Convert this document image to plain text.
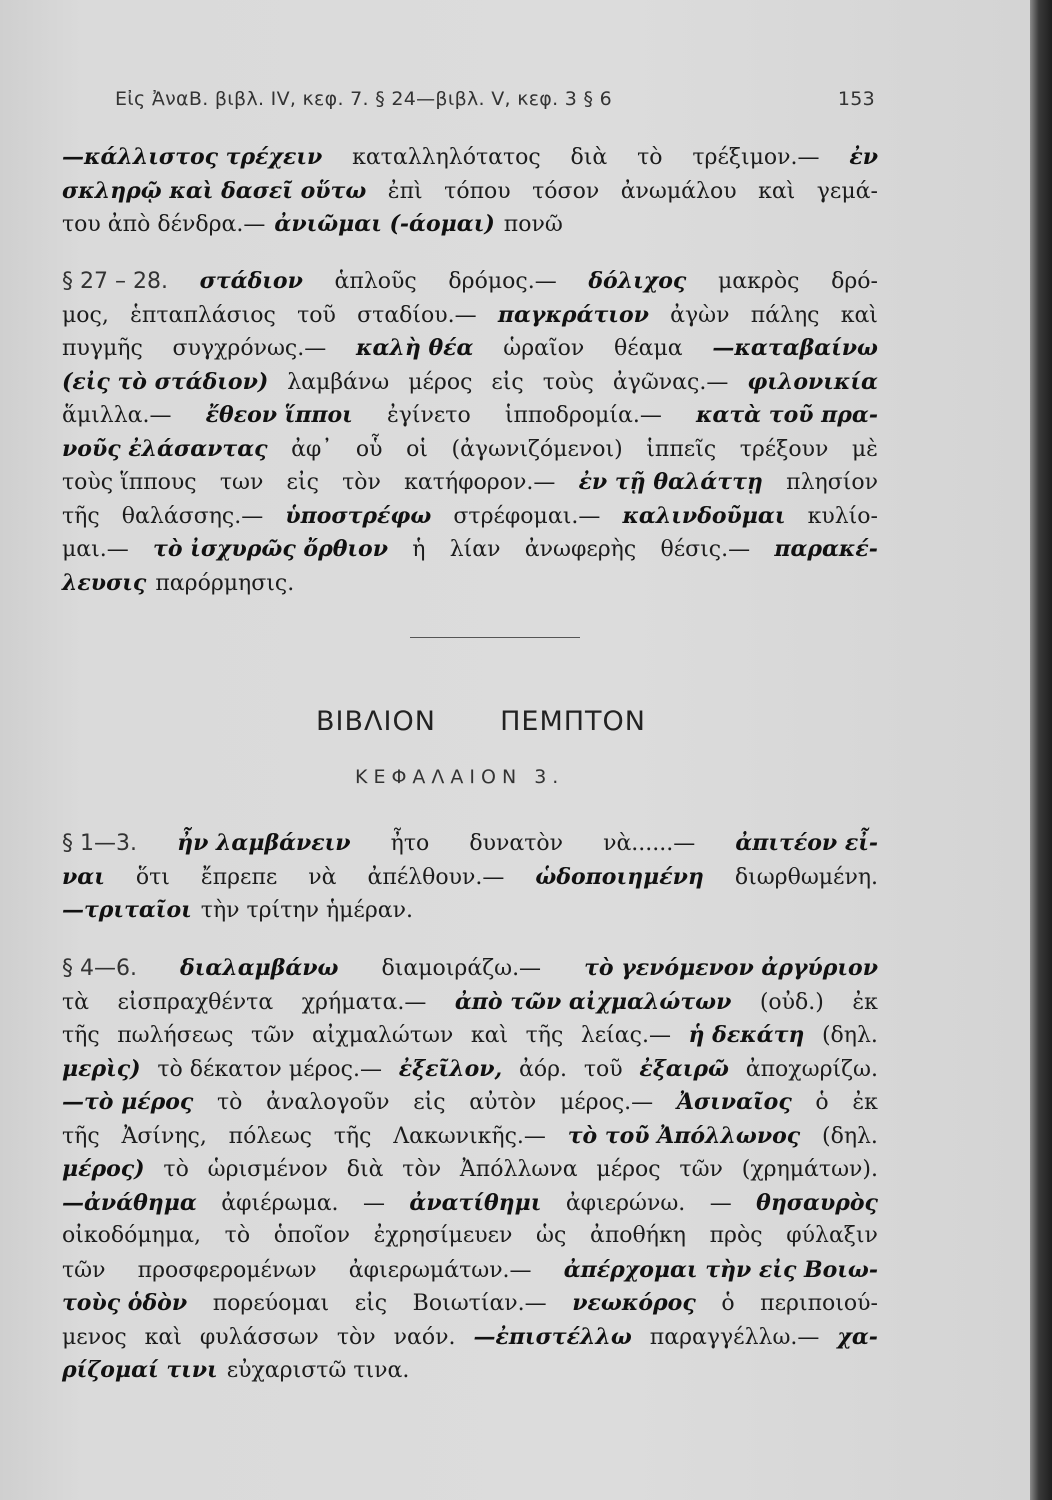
Εἰς ἈναΒ. βιβλ. IV, κεφ. 7. § 24—βιβλ. V, κεφ. 3 § 6	153
—κάλλιστος τρέχειν καταλληλότατος διὰ τὸ τρέξιμον.— ἐν
σκληρῷ καὶ δασεῖ οὕτω ἐπὶ τόπου τόσον ἀνωμάλου καὶ γεμά-
του ἀπὸ δένδρα.— ἀνιῶμαι (-άομαι) πονῶ
§ 27 – 28. στάδιον ἁπλοῦς δρόμος.— δόλιχος μακρὸς δρό-
μος, ἑπταπλάσιος τοῦ σταδίου.— παγκράτιον ἀγὼν πάλης καὶ
πυγμῆς συγχρόνως.— καλὴ θέα ὡραῖον θέαμα —καταβαίνω
(εἰς τὸ στάδιον) λαμβάνω μέρος εἰς τοὺς ἀγῶνας.— φιλονικία
ἅμιλλα.— ἔθεον ἵπποι ἐγίνετο ἱπποδρομία.— κατὰ τοῦ πρα-
νοῦς ἐλάσαντας ἀφ᾽ οὗ οἱ (ἀγωνιζόμενοι) ἱππεῖς τρέξουν μὲ
τοὺς ἵππους των εἰς τὸν κατήφορον.— ἐν τῇ θαλάττῃ πλησίον
τῆς θαλάσσης.— ὑποστρέφω στρέφομαι.— καλινδοῦμαι κυλίο-
μαι.— τὸ ἰσχυρῶς ὄρθιον ἡ λίαν ἀνωφερὴς θέσις.— παρακέ-
λευσις παρόρμησις.
ΒΙΒΛΙΟΝ ΠΕΜΠΤΟΝ
ΚΕΦΑΛΑΙΟΝ 3.
§ 1—3. ἦν λαμβάνειν ἦτο δυνατὸν νὰ......— ἀπιτέον εἶ-
ναι ὅτι ἔπρεπε νὰ ἀπέλθουν.— ὡδοποιημένη διωρθωμένη.
—τριταῖοι τὴν τρίτην ἡμέραν.
§ 4—6. διαλαμβάνω διαμοιράζω.— τὸ γενόμενον ἀργύριον
τὰ εἰσπραχθέντα χρήματα.— ἀπὸ τῶν αἰχμαλώτων (οὐδ.) ἐκ
τῆς πωλήσεως τῶν αἰχμαλώτων καὶ τῆς λείας.— ἡ δεκάτη (δηλ.
μερὶς) τὸ δέκατον μέρος.— ἐξεῖλον, ἀόρ. τοῦ ἐξαιρῶ ἀποχωρίζω.
—τὸ μέρος τὸ ἀναλογοῦν εἰς αὐτὸν μέρος.— Ἀσιναῖος ὁ ἐκ
τῆς Ἀσίνης, πόλεως τῆς Λακωνικῆς.— τὸ τοῦ Ἀπόλλωνος (δηλ.
μέρος) τὸ ὡρισμένον διὰ τὸν Ἀπόλλωνα μέρος τῶν (χρημάτων).
—ἀνάθημα ἀφιέρωμα. — ἀνατίθημι ἀφιερώνω. — θησαυρὸς
οἰκοδόμημα, τὸ ὁποῖον ἐχρησίμευεν ὡς ἀποθήκη πρὸς φύλαξιν
τῶν προσφερομένων ἀφιερωμάτων.— ἀπέρχομαι τὴν εἰς Βοιω-
τοὺς ὁδὸν πορεύομαι εἰς Βοιωτίαν.— νεωκόρος ὁ περιποιού-
μενος καὶ φυλάσσων τὸν ναόν. —ἐπιστέλλω παραγγέλλω.— χα-
ρίζομαί τινι εὐχαριστῶ τινα.
